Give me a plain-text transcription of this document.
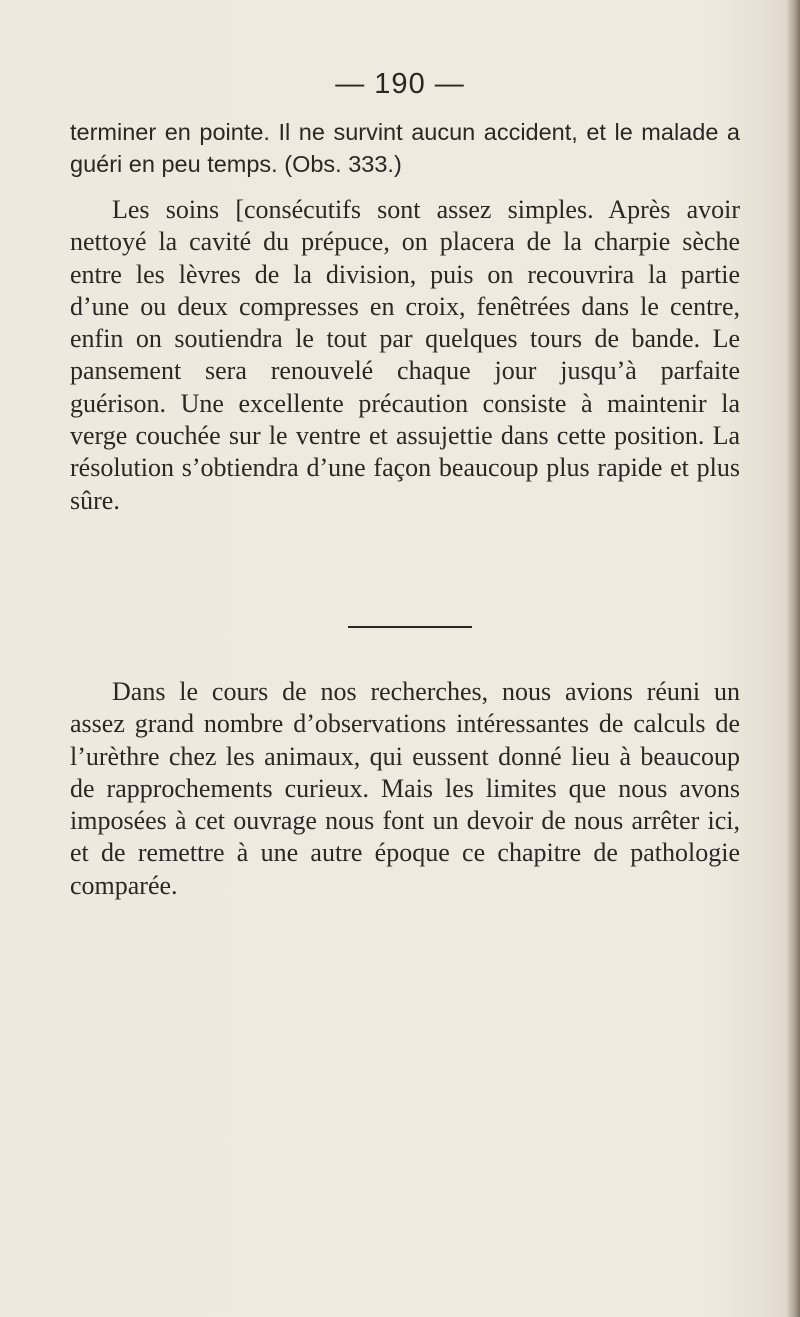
— 190 —

terminer en pointe. Il ne survint aucun accident, et le malade a guéri en peu temps. (Obs. 333.)

Les soins [consécutifs sont assez simples. Après avoir nettoyé la cavité du prépuce, on placera de la charpie sèche entre les lèvres de la division, puis on recouvrira la partie d’une ou deux compresses en croix, fenêtrées dans le centre, enfin on soutiendra le tout par quelques tours de bande. Le pansement sera renouvelé chaque jour jusqu’à parfaite guérison. Une excellente précaution consiste à maintenir la verge couchée sur le ventre et assujettie dans cette position. La résolution s’obtiendra d’une façon beaucoup plus rapide et plus sûre.

Dans le cours de nos recherches, nous avions réuni un assez grand nombre d’observations intéressantes de calculs de l’urèthre chez les animaux, qui eussent donné lieu à beaucoup de rapprochements curieux. Mais les limites que nous avons imposées à cet ouvrage nous font un devoir de nous arrêter ici, et de remettre à une autre époque ce chapitre de pathologie comparée.
